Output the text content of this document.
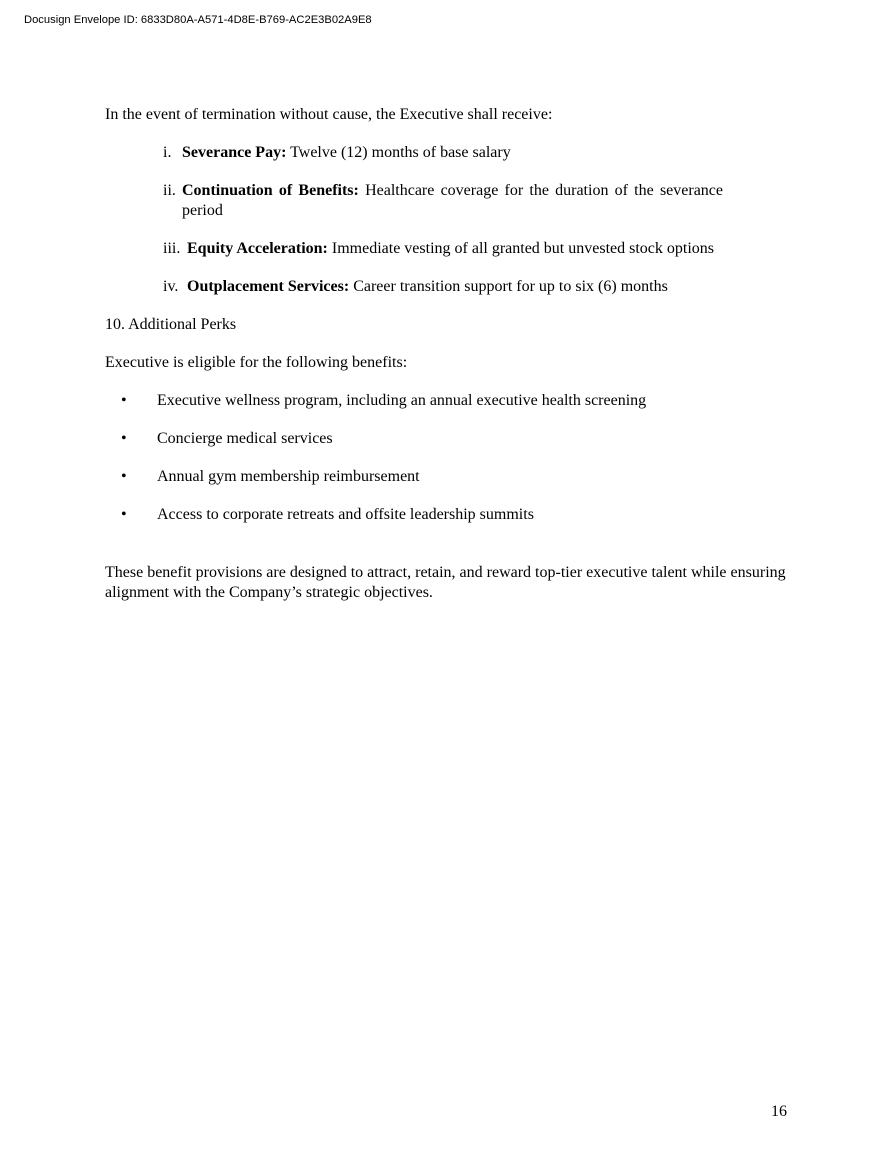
Docusign Envelope ID: 6833D80A-A571-4D8E-B769-AC2E3B02A9E8

In the event of termination without cause, the Executive shall receive:

i. Severance Pay: Twelve (12) months of base salary
ii. Continuation of Benefits: Healthcare coverage for the duration of the severance period
iii. Equity Acceleration: Immediate vesting of all granted but unvested stock options
iv. Outplacement Services: Career transition support for up to six (6) months

10. Additional Perks

Executive is eligible for the following benefits:

• Executive wellness program, including an annual executive health screening
• Concierge medical services
• Annual gym membership reimbursement
• Access to corporate retreats and offsite leadership summits

These benefit provisions are designed to attract, retain, and reward top-tier executive talent while ensuring alignment with the Company’s strategic objectives.

16
